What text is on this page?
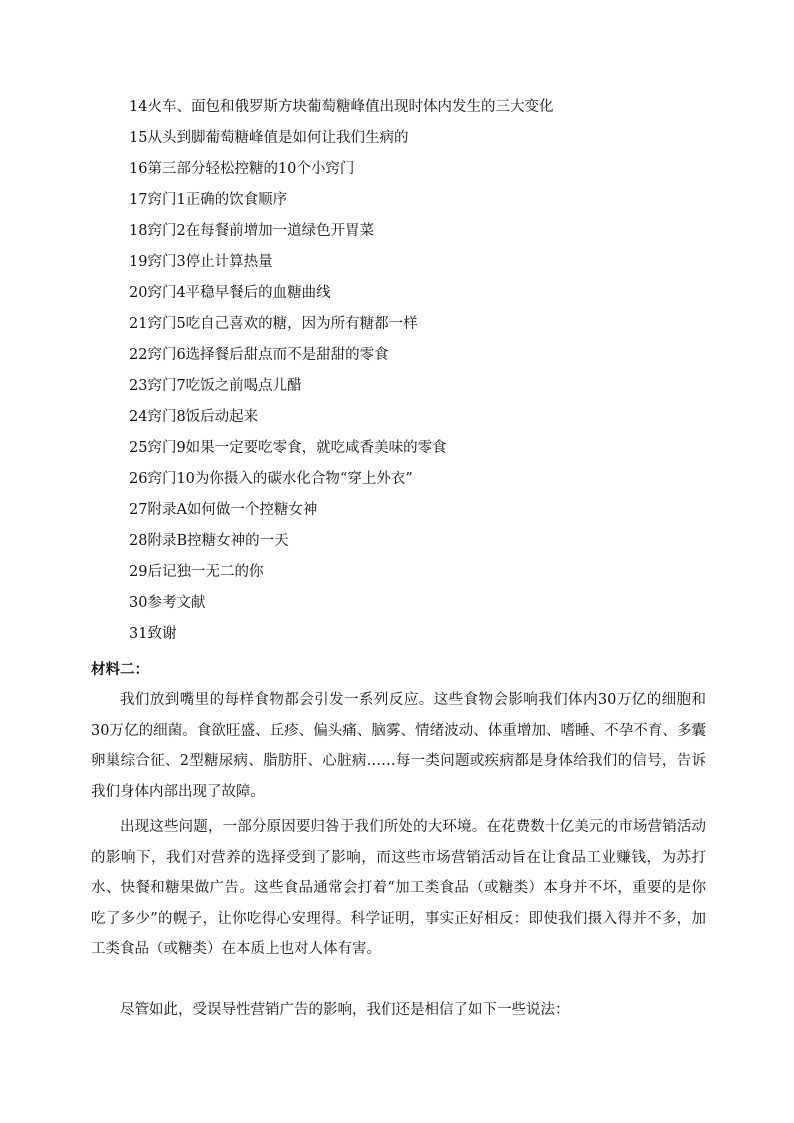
14火车、面包和俄罗斯方块葡萄糖峰值出现时体内发生的三大变化
15从头到脚葡萄糖峰值是如何让我们生病的
16第三部分轻松控糖的10个小窍门
17窍门1正确的饮食顺序
18窍门2在每餐前增加一道绿色开胃菜
19窍门3停止计算热量
20窍门4平稳早餐后的血糖曲线
21窍门5吃自己喜欢的糖，因为所有糖都一样
22窍门6选择餐后甜点而不是甜甜的零食
23窍门7吃饭之前喝点儿醋
24窍门8饭后动起来
25窍门9如果一定要吃零食，就吃咸香美味的零食
26窍门10为你摄入的碳水化合物“穿上外衣”
27附录A如何做一个控糖女神
28附录B控糖女神的一天
29后记独一无二的你
30参考文献
31致谢
材料二：

我们放到嘴里的每样食物都会引发一系列反应。这些食物会影响我们体内30万亿的细胞和30万亿的细菌。食欲旺盛、丘疹、偏头痛、脑雾、情绪波动、体重增加、嗜睡、不孕不育、多囊卵巢综合征、2型糖尿病、脂肪肝、心脏病……每一类问题或疾病都是身体给我们的信号，告诉我们身体内部出现了故障。

出现这些问题，一部分原因要归咎于我们所处的大环境。在花费数十亿美元的市场营销活动的影响下，我们对营养的选择受到了影响，而这些市场营销活动旨在让食品工业赚钱，为苏打水、快餐和糖果做广告。这些食品通常会打着“加工类食品（或糖类）本身并不坏，重要的是你吃了多少”的幌子，让你吃得心安理得。科学证明，事实正好相反：即使我们摄入得并不多，加工类食品（或糖类）在本质上也对人体有害。

尽管如此，受误导性营销广告的影响，我们还是相信了如下一些说法：
